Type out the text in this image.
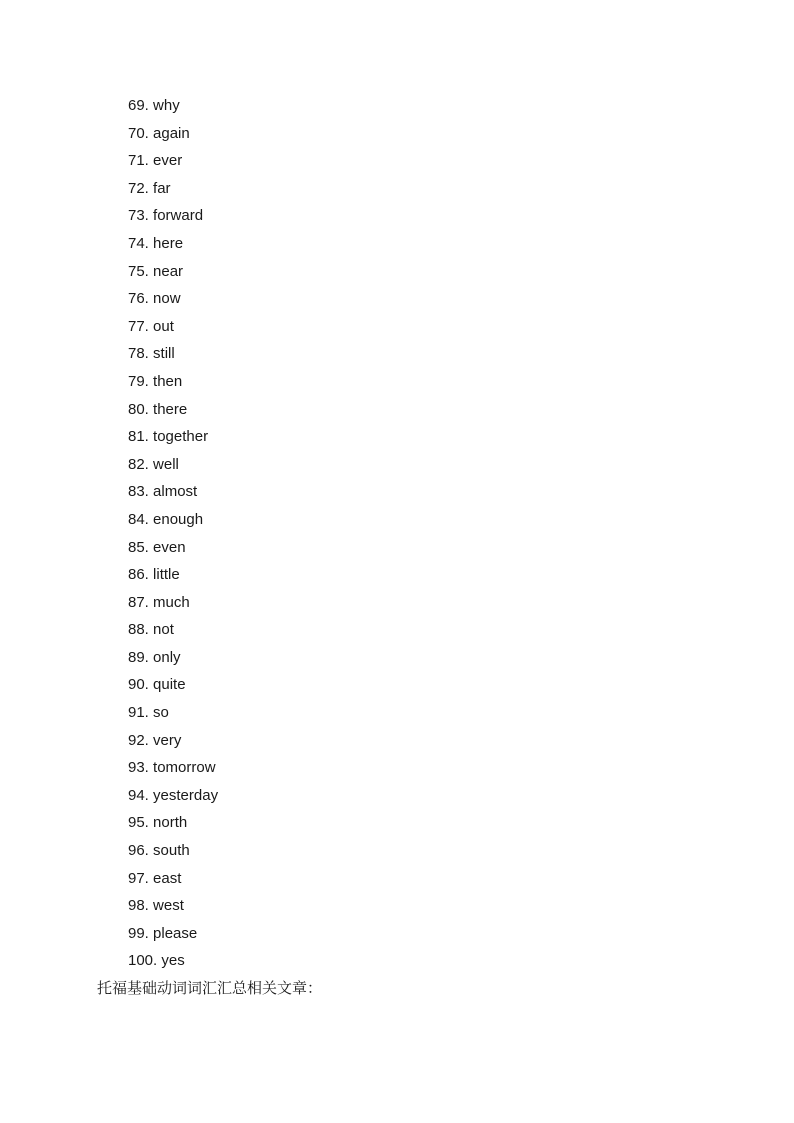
69. why
70. again
71. ever
72. far
73. forward
74. here
75. near
76. now
77. out
78. still
79. then
80. there
81. together
82. well
83. almost
84. enough
85. even
86. little
87. much
88. not
89. only
90. quite
91. so
92. very
93. tomorrow
94. yesterday
95. north
96. south
97. east
98. west
99. please
100. yes
托福基础动词词汇汇总相关文章：
